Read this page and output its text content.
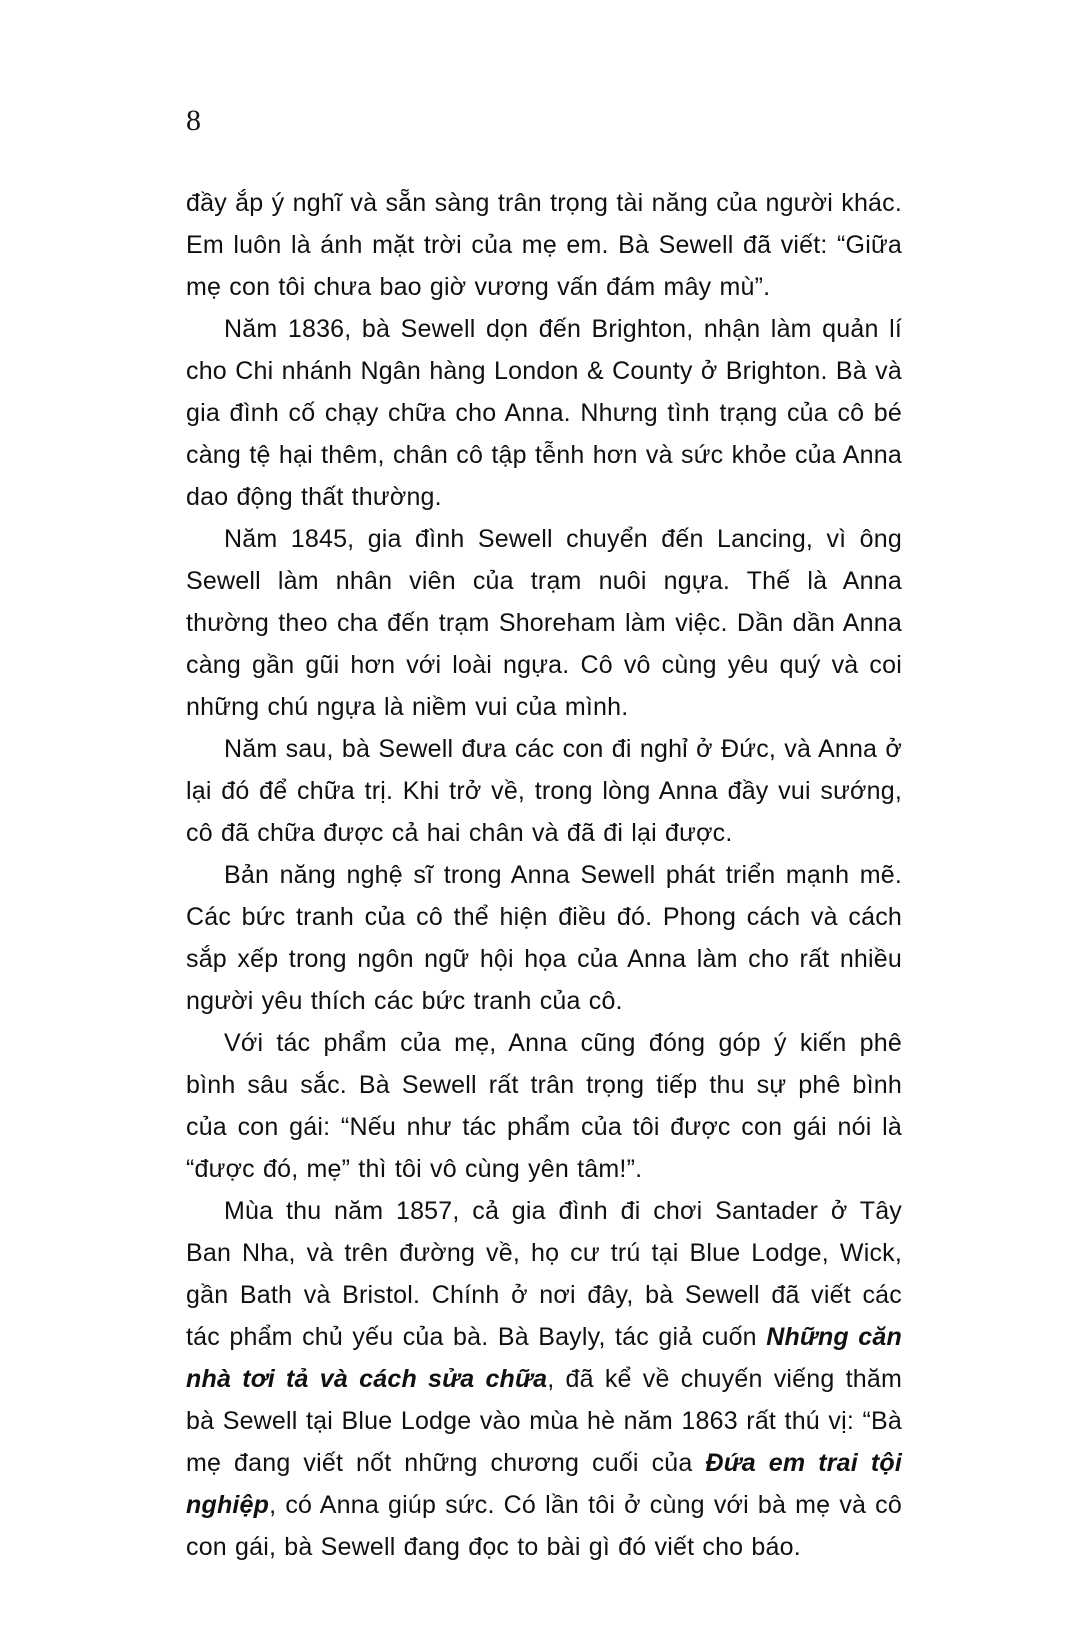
8

đầy ắp ý nghĩ và sẵn sàng trân trọng tài năng của người khác. Em luôn là ánh mặt trời của mẹ em. Bà Sewell đã viết: “Giữa mẹ con tôi chưa bao giờ vương vấn đám mây mù”.

Năm 1836, bà Sewell dọn đến Brighton, nhận làm quản lí cho Chi nhánh Ngân hàng London & County ở Brighton. Bà và gia đình cố chạy chữa cho Anna. Nhưng tình trạng của cô bé càng tệ hại thêm, chân cô tập tễnh hơn và sức khỏe của Anna dao động thất thường.

Năm 1845, gia đình Sewell chuyển đến Lancing, vì ông Sewell làm nhân viên của trạm nuôi ngựa. Thế là Anna thường theo cha đến trạm Shoreham làm việc. Dần dần Anna càng gần gũi hơn với loài ngựa. Cô vô cùng yêu quý và coi những chú ngựa là niềm vui của mình.

Năm sau, bà Sewell đưa các con đi nghỉ ở Đức, và Anna ở lại đó để chữa trị. Khi trở về, trong lòng Anna đầy vui sướng, cô đã chữa được cả hai chân và đã đi lại được.

Bản năng nghệ sĩ trong Anna Sewell phát triển mạnh mẽ. Các bức tranh của cô thể hiện điều đó. Phong cách và cách sắp xếp trong ngôn ngữ hội họa của Anna làm cho rất nhiều người yêu thích các bức tranh của cô.

Với tác phẩm của mẹ, Anna cũng đóng góp ý kiến phê bình sâu sắc. Bà Sewell rất trân trọng tiếp thu sự phê bình của con gái: “Nếu như tác phẩm của tôi được con gái nói là “được đó, mẹ” thì tôi vô cùng yên tâm!”.

Mùa thu năm 1857, cả gia đình đi chơi Santader ở Tây Ban Nha, và trên đường về, họ cư trú tại Blue Lodge, Wick, gần Bath và Bristol. Chính ở nơi đây, bà Sewell đã viết các tác phẩm chủ yếu của bà. Bà Bayly, tác giả cuốn Những căn nhà tơi tả và cách sửa chữa, đã kể về chuyến viếng thăm bà Sewell tại Blue Lodge vào mùa hè năm 1863 rất thú vị: “Bà mẹ đang viết nốt những chương cuối của Đứa em trai tội nghiệp, có Anna giúp sức. Có lần tôi ở cùng với bà mẹ và cô con gái, bà Sewell đang đọc to bài gì đó viết cho báo.
